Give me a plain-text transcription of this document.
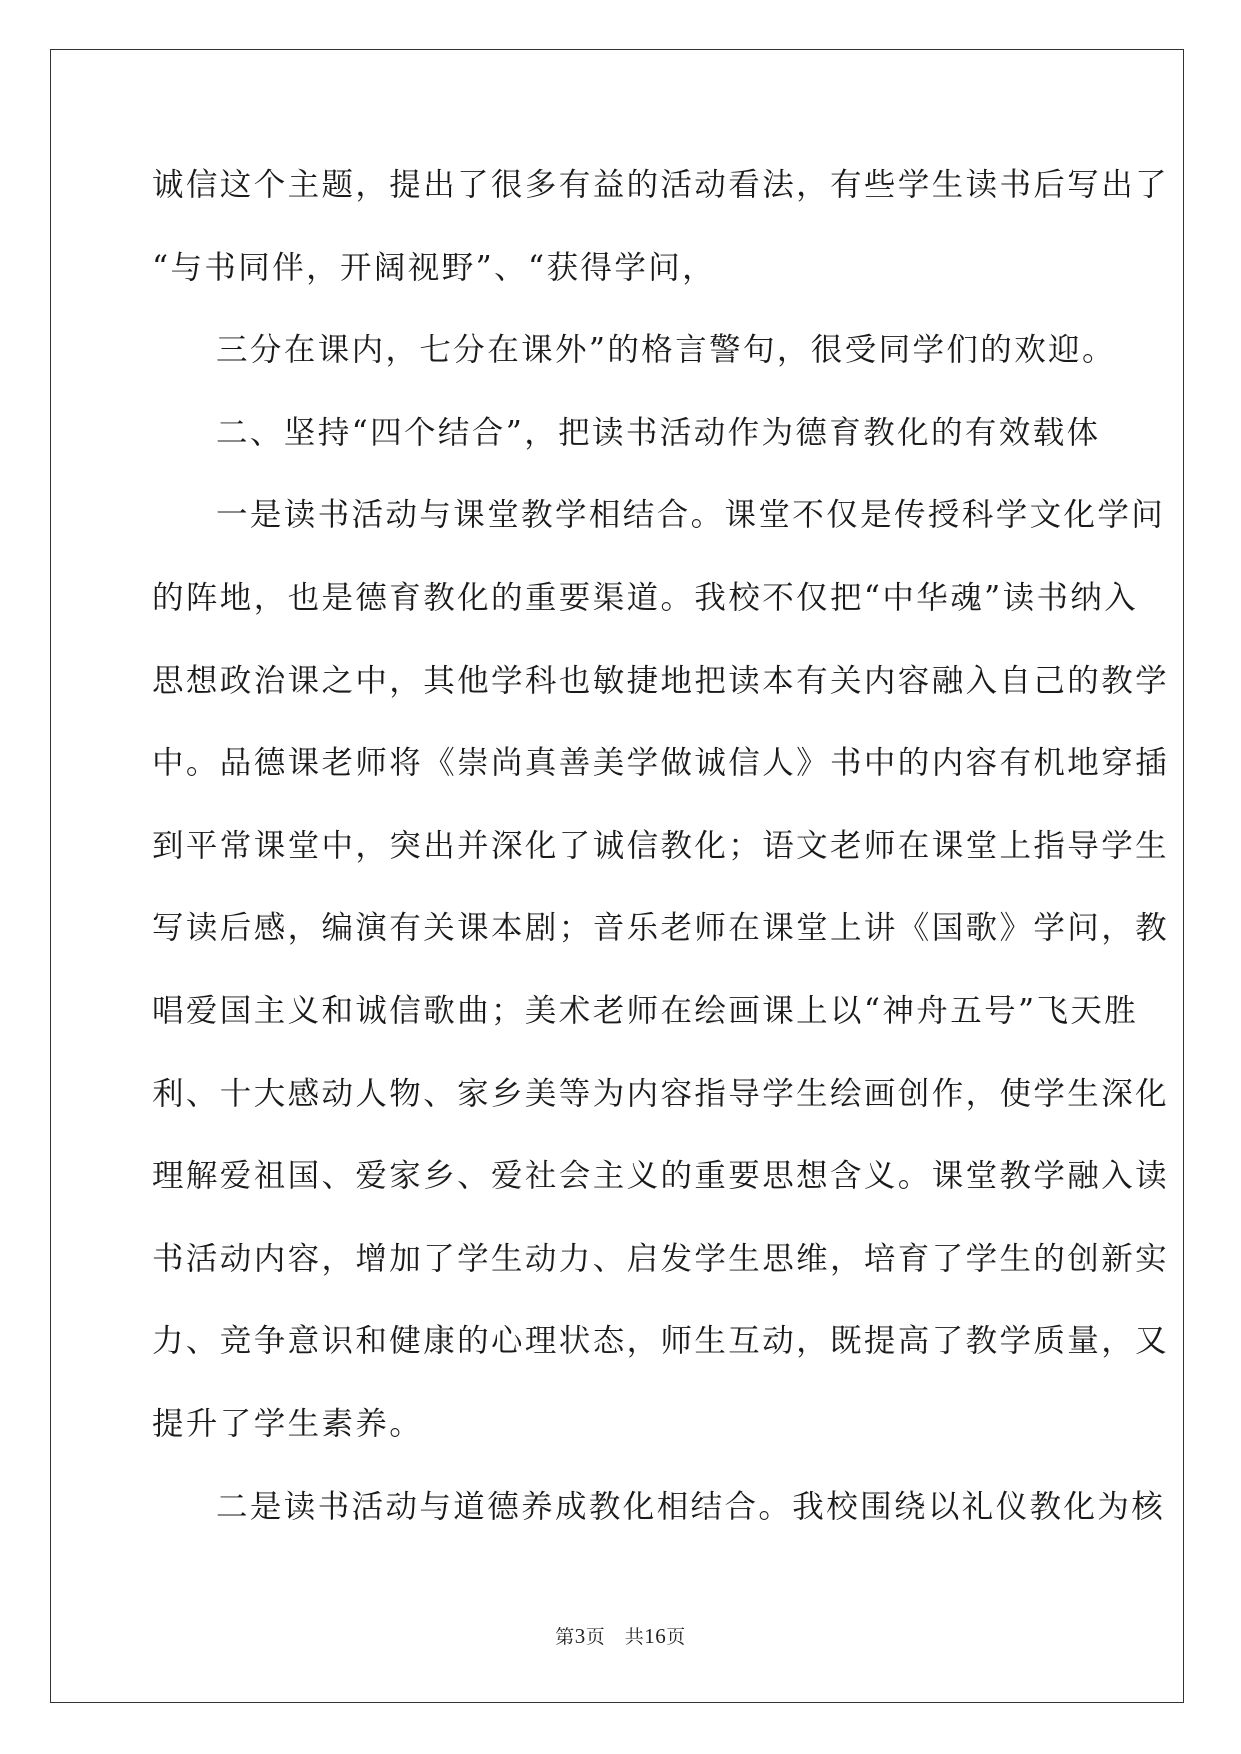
诚信这个主题，提出了很多有益的活动看法，有些学生读书后写出了
“与书同伴，开阔视野”、“获得学问，
三分在课内，七分在课外”的格言警句，很受同学们的欢迎。
二、坚持“四个结合”，把读书活动作为德育教化的有效载体
一是读书活动与课堂教学相结合。课堂不仅是传授科学文化学问
的阵地，也是德育教化的重要渠道。我校不仅把“中华魂”读书纳入
思想政治课之中，其他学科也敏捷地把读本有关内容融入自己的教学
中。品德课老师将《崇尚真善美学做诚信人》书中的内容有机地穿插
到平常课堂中，突出并深化了诚信教化；语文老师在课堂上指导学生
写读后感，编演有关课本剧；音乐老师在课堂上讲《国歌》学问，教
唱爱国主义和诚信歌曲；美术老师在绘画课上以“神舟五号”飞天胜
利、十大感动人物、家乡美等为内容指导学生绘画创作，使学生深化
理解爱祖国、爱家乡、爱社会主义的重要思想含义。课堂教学融入读
书活动内容，增加了学生动力、启发学生思维，培育了学生的创新实
力、竞争意识和健康的心理状态，师生互动，既提高了教学质量，又
提升了学生素养。
二是读书活动与道德养成教化相结合。我校围绕以礼仪教化为核
第3页　共16页
